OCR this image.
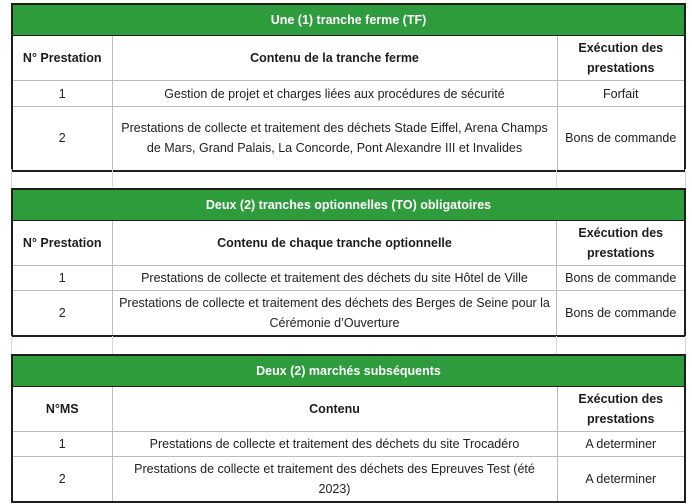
Une (1) tranche ferme (TF)		
N° Prestation	Contenu de la tranche ferme	Exécution des prestations
1	Gestion de projet et charges liées aux procédures de sécurité	Forfait
2	Prestations de collecte et traitement des déchets Stade Eiffel, Arena Champs de Mars, Grand Palais, La Concorde, Pont Alexandre III et Invalides	Bons de commande
Deux (2) tranches optionnelles (TO) obligatoires		
N° Prestation	Contenu de chaque tranche optionnelle	Exécution des prestations
1	Prestations de collecte et traitement des déchets du site Hôtel de Ville	Bons de commande
2	Prestations de collecte et traitement des déchets des Berges de Seine pour la Cérémonie d’Ouverture	Bons de commande
Deux (2) marchés subséquents		
N°MS	Contenu	Exécution des prestations
1	Prestations de collecte et traitement des déchets du site Trocadéro	A determiner
2	Prestations de collecte et traitement des déchets des Epreuves Test (été 2023)	A determiner
